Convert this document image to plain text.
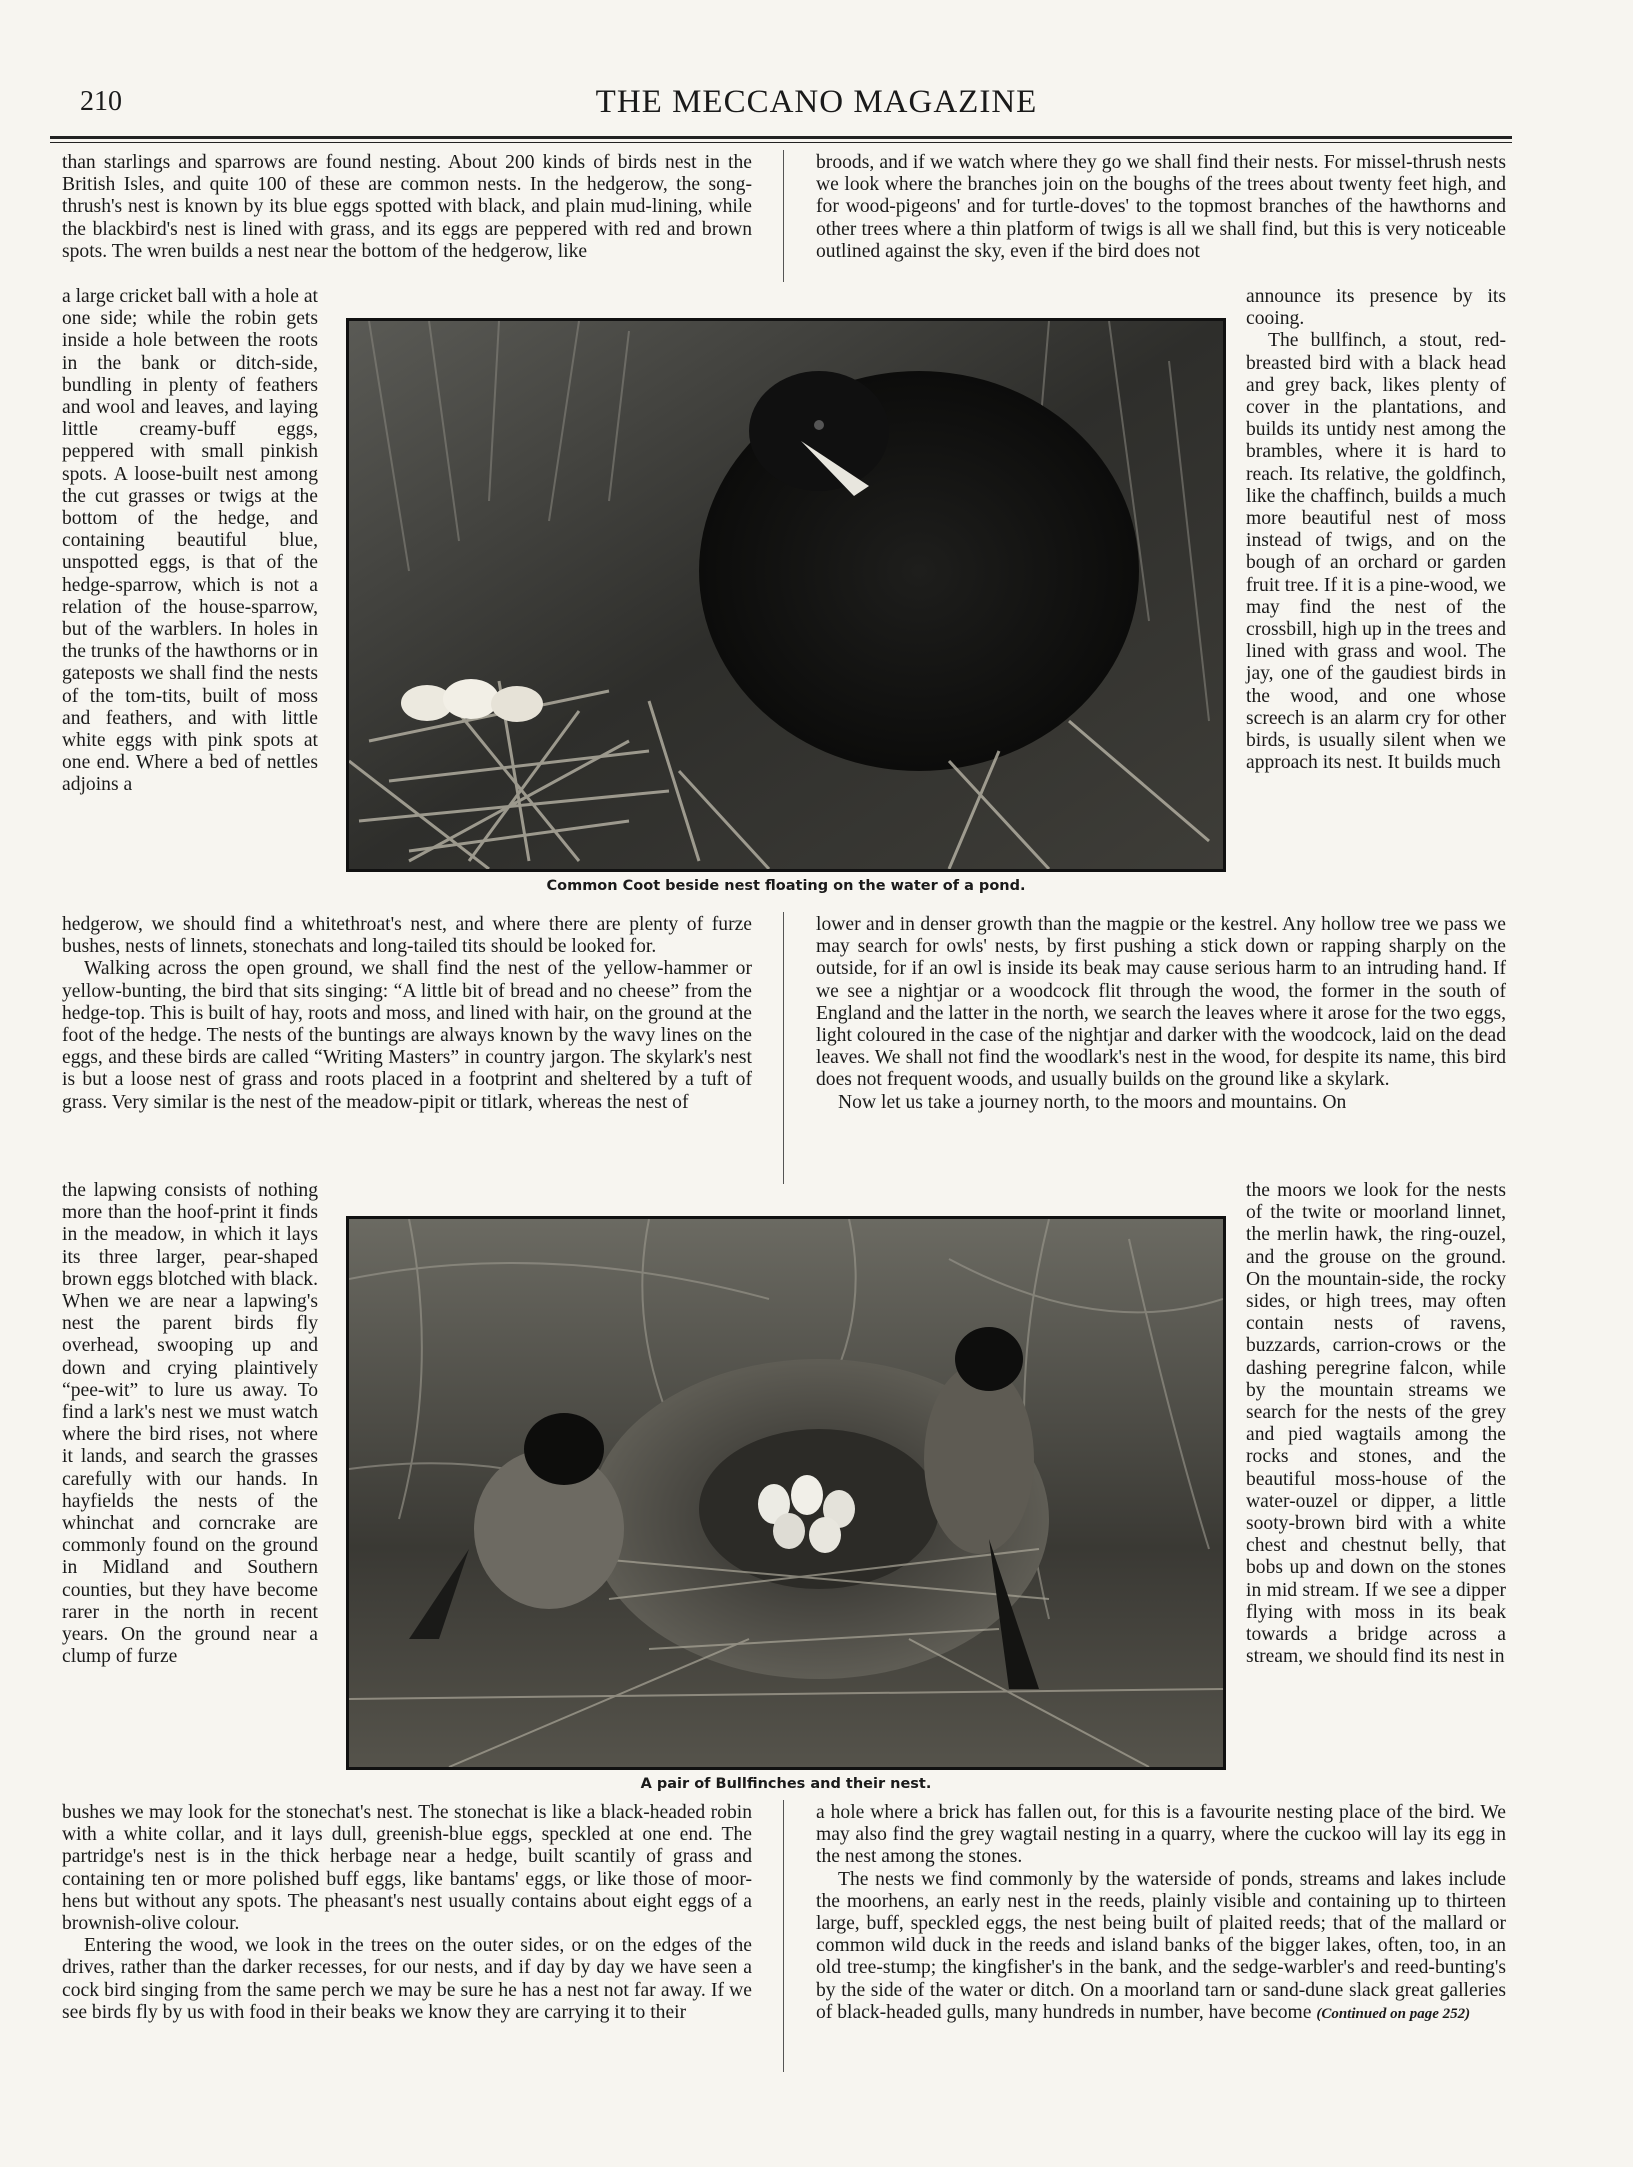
210	THE MECCANO MAGAZINE

than starlings and sparrows are found nesting. About 200 kinds of birds nest in the British Isles, and quite 100 of these are common nests. In the hedgerow, the song-thrush's nest is known by its blue eggs spotted with black, and plain mud-lining, while the blackbird's nest is lined with grass, and its eggs are peppered with red and brown spots. The wren builds a nest near the bottom of the hedgerow, like

a large cricket ball with a hole at one side; while the robin gets inside a hole between the roots in the bank or ditch-side, bundling in plenty of feathers and wool and leaves, and laying little creamy-buff eggs, peppered with small pinkish spots. A loose-built nest among the cut grasses or twigs at the bottom of the hedge, and containing beautiful blue, unspotted eggs, is that of the hedge-sparrow, which is not a relation of the house-sparrow, but of the warblers. In holes in the trunks of the hawthorns or in gateposts we shall find the nests of the tom-tits, built of moss and feathers, and with little white eggs with pink spots at one end. Where a bed of nettles adjoins a

hedgerow, we should find a whitethroat's nest, and where there are plenty of furze bushes, nests of linnets, stonechats and long-tailed tits should be looked for.

Walking across the open ground, we shall find the nest of the yellow-hammer or yellow-bunting, the bird that sits singing: “A little bit of bread and no cheese” from the hedge-top. This is built of hay, roots and moss, and lined with hair, on the ground at the foot of the hedge. The nests of the buntings are always known by the wavy lines on the eggs, and these birds are called “Writing Masters” in country jargon. The skylark's nest is but a loose nest of grass and roots placed in a footprint and sheltered by a tuft of grass. Very similar is the nest of the meadow-pipit or titlark, whereas the nest of

the lapwing consists of nothing more than the hoof-print it finds in the meadow, in which it lays its three larger, pear-shaped brown eggs blotched with black. When we are near a lapwing's nest the parent birds fly overhead, swooping up and down and crying plaintively “pee-wit” to lure us away. To find a lark's nest we must watch where the bird rises, not where it lands, and search the grasses carefully with our hands. In hayfields the nests of the whinchat and corncrake are commonly found on the ground in Midland and Southern counties, but they have become rarer in the north in recent years. On the ground near a clump of furze

bushes we may look for the stonechat's nest. The stonechat is like a black-headed robin with a white collar, and it lays dull, greenish-blue eggs, speckled at one end. The partridge's nest is in the thick herbage near a hedge, built scantily of grass and containing ten or more polished buff eggs, like bantams' eggs, or like those of moor-hens but without any spots. The pheasant's nest usually contains about eight eggs of a brownish-olive colour.

Entering the wood, we look in the trees on the outer sides, or on the edges of the drives, rather than the darker recesses, for our nests, and if day by day we have seen a cock bird singing from the same perch we may be sure he has a nest not far away. If we see birds fly by us with food in their beaks we know they are carrying it to their

broods, and if we watch where they go we shall find their nests. For missel-thrush nests we look where the branches join on the boughs of the trees about twenty feet high, and for wood-pigeons' and for turtle-doves' to the topmost branches of the hawthorns and other trees where a thin platform of twigs is all we shall find, but this is very noticeable outlined against the sky, even if the bird does not

announce its presence by its cooing.

The bullfinch, a stout, red-breasted bird with a black head and grey back, likes plenty of cover in the plantations, and builds its untidy nest among the brambles, where it is hard to reach. Its relative, the goldfinch, like the chaffinch, builds a much more beautiful nest of moss instead of twigs, and on the bough of an orchard or garden fruit tree. If it is a pine-wood, we may find the nest of the crossbill, high up in the trees and lined with grass and wool. The jay, one of the gaudiest birds in the wood, and one whose screech is an alarm cry for other birds, is usually silent when we approach its nest. It builds much

lower and in denser growth than the magpie or the kestrel. Any hollow tree we pass we may search for owls' nests, by first pushing a stick down or rapping sharply on the outside, for if an owl is inside its beak may cause serious harm to an intruding hand. If we see a nightjar or a woodcock flit through the wood, the former in the south of England and the latter in the north, we search the leaves where it arose for the two eggs, light coloured in the case of the nightjar and darker with the woodcock, laid on the dead leaves. We shall not find the woodlark's nest in the wood, for despite its name, this bird does not frequent woods, and usually builds on the ground like a skylark.

Now let us take a journey north, to the moors and mountains. On

the moors we look for the nests of the twite or moorland linnet, the merlin hawk, the ring-ouzel, and the grouse on the ground. On the mountain-side, the rocky sides, or high trees, may often contain nests of ravens, buzzards, carrion-crows or the dashing peregrine falcon, while by the mountain streams we search for the nests of the grey and pied wagtails among the rocks and stones, and the beautiful moss-house of the water-ouzel or dipper, a little sooty-brown bird with a white chest and chestnut belly, that bobs up and down on the stones in mid stream. If we see a dipper flying with moss in its beak towards a bridge across a stream, we should find its nest in

a hole where a brick has fallen out, for this is a favourite nesting place of the bird. We may also find the grey wagtail nesting in a quarry, where the cuckoo will lay its egg in the nest among the stones.

The nests we find commonly by the waterside of ponds, streams and lakes include the moorhens, an early nest in the reeds, plainly visible and containing up to thirteen large, buff, speckled eggs, the nest being built of plaited reeds; that of the mallard or common wild duck in the reeds and island banks of the bigger lakes, often, too, in an old tree-stump; the kingfisher's in the bank, and the sedge-warbler's and reed-bunting's by the side of the water or ditch. On a moorland tarn or sand-dune slack great galleries of black-headed gulls, many hundreds in number, have become (Continued on page 252)

Common Coot beside nest floating on the water of a pond.
A pair of Bullfinches and their nest.
